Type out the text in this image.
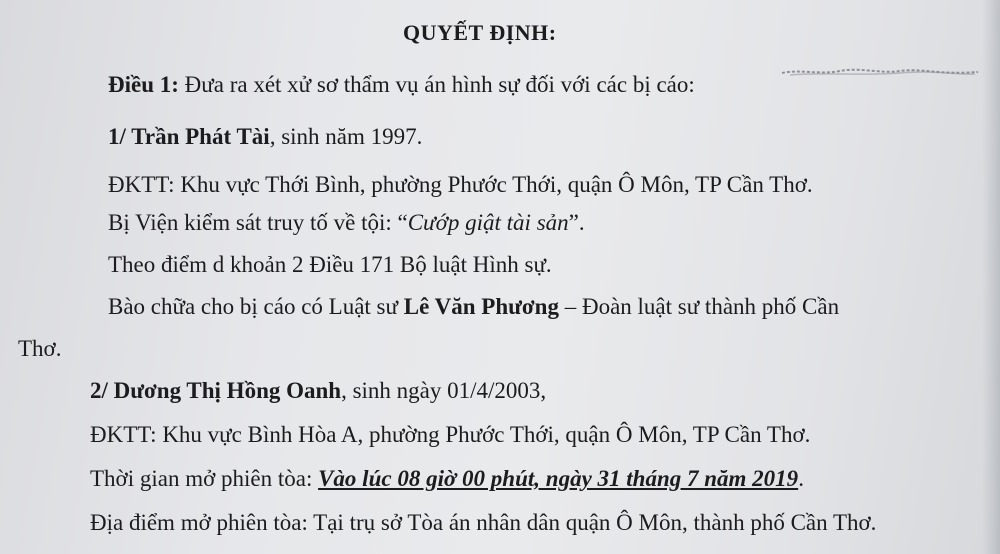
QUYẾT ĐỊNH:
Điều 1: Đưa ra xét xử sơ thẩm vụ án hình sự đối với các bị cáo:
1/ Trần Phát Tài, sinh năm 1997.
ĐKTT: Khu vực Thới Bình, phường Phước Thới, quận Ô Môn, TP Cần Thơ.
Bị Viện kiểm sát truy tố về tội: “Cướp giật tài sản”.
Theo điểm d khoản 2 Điều 171 Bộ luật Hình sự.
Bào chữa cho bị cáo có Luật sư Lê Văn Phương – Đoàn luật sư thành phố Cần
Thơ.
2/ Dương Thị Hồng Oanh, sinh ngày 01/4/2003,
ĐKTT: Khu vực Bình Hòa A, phường Phước Thới, quận Ô Môn, TP Cần Thơ.
Thời gian mở phiên tòa: Vào lúc 08 giờ 00 phút, ngày 31 tháng 7 năm 2019.
Địa điểm mở phiên tòa: Tại trụ sở Tòa án nhân dân quận Ô Môn, thành phố Cần Thơ.
